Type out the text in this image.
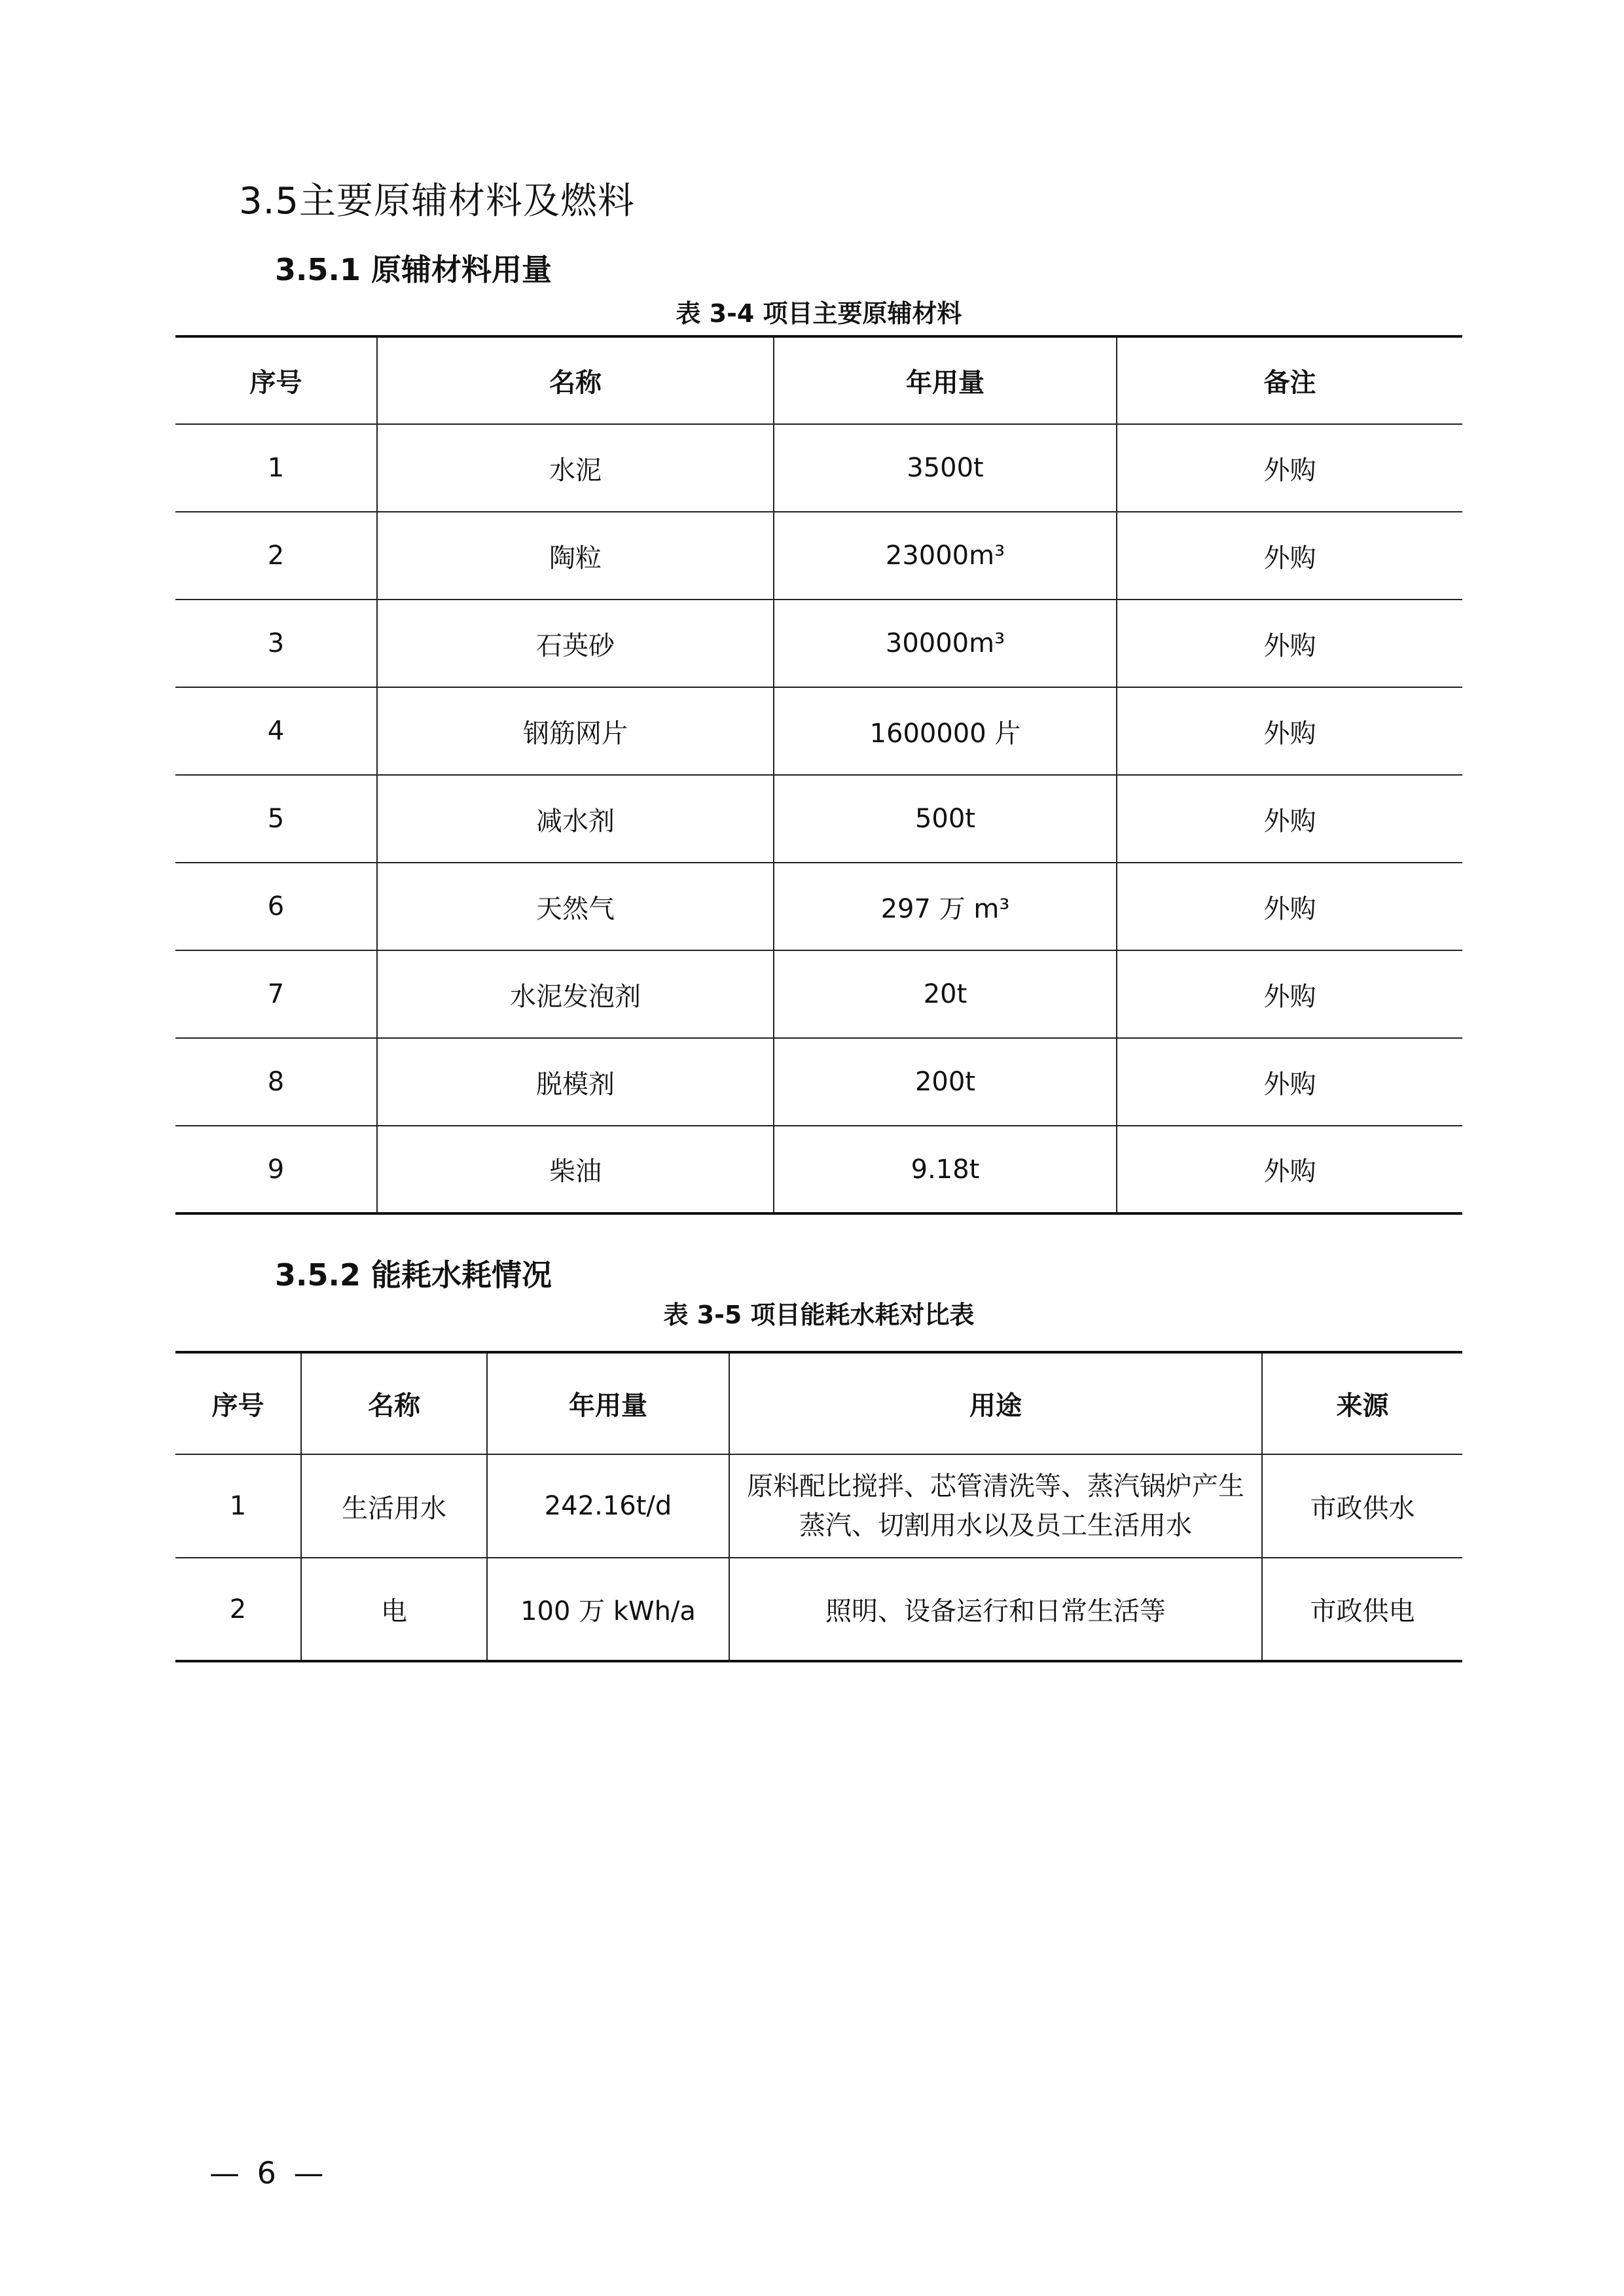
3.5主要原辅材料及燃料
3.5.1 原辅材料用量
表 3-4 项目主要原辅材料
序号	名称	年用量	备注
1	水泥	3500t	外购
2	陶粒	23000m³	外购
3	石英砂	30000m³	外购
4	钢筋网片	1600000 片	外购
5	减水剂	500t	外购
6	天然气	297 万 m³	外购
7	水泥发泡剂	20t	外购
8	脱模剂	200t	外购
9	柴油	9.18t	外购
3.5.2 能耗水耗情况
表 3-5 项目能耗水耗对比表
序号	名称	年用量	用途	来源
1	生活用水	242.16t/d	原料配比搅拌、芯管清洗等、蒸汽锅炉产生蒸汽、切割用水以及员工生活用水	市政供水
2	电	100 万 kWh/a	照明、设备运行和日常生活等	市政供电
— 6 —
